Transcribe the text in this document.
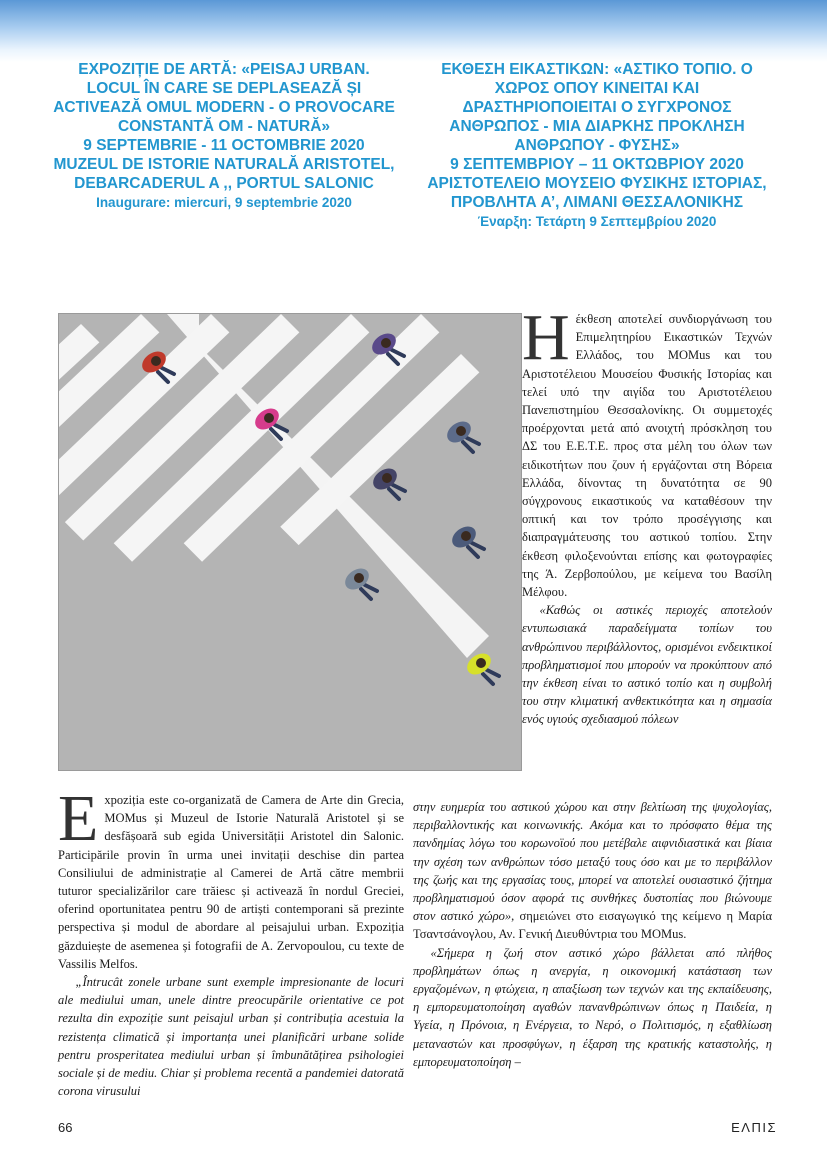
EXPOZIȚIE DE ARTĂ: «PEISAJ URBAN. LOCUL ÎN CARE SE DEPLASEAZĂ ȘI ACTIVEAZĂ OMUL MODERN - O PROVOCARE CONSTANTĂ OM - NATURĂ»
9 SEPTEMBRIE - 11 OCTOMBRIE 2020
MUZEUL DE ISTORIE NATURALĂ ARISTOTEL, DEBARCADERUL A ,, PORTUL SALONIC
Inaugurare: miercuri, 9 septembrie 2020
ΕΚΘΕΣΗ ΕΙΚΑΣΤΙΚΩΝ: «ΑΣΤΙΚΟ ΤΟΠΙΟ. Ο ΧΩΡΟΣ ΟΠΟΥ ΚΙΝΕΙΤΑΙ ΚΑΙ ΔΡΑΣΤΗΡΙΟΠΟΙΕΙΤΑΙ Ο ΣΥΓΧΡΟΝΟΣ ΑΝΘΡΩΠΟΣ - ΜΙΑ ΔΙΑΡΚΗΣ ΠΡΟΚΛΗΣΗ ΑΝΘΡΩΠΟΥ - ΦΥΣΗΣ»
9 ΣΕΠΤΕΜΒΡΙΟΥ – 11 ΟΚΤΩΒΡΙΟΥ 2020
ΑΡΙΣΤΟΤΕΛΕΙΟ ΜΟΥΣΕΙΟ ΦΥΣΙΚΗΣ ΙΣΤΟΡΙΑΣ, ΠΡΟΒΛΗΤΑ Α’, ΛΙΜΑΝΙ ΘΕΣΣΑΛΟΝΙΚΗΣ
Έναρξη: Τετάρτη 9 Σεπτεμβρίου 2020

Ηέκθεση αποτελεί συνδιοργάνωση του Επιμελητηρίου Εικαστικών Τεχνών Ελλάδος, του MOMus και του Αριστοτέλειου Μουσείου Φυσικής Ιστορίας και τελεί υπό την αιγίδα του Αριστοτέλειου Πανεπιστημίου Θεσσαλονίκης. Οι συμμετοχές προέρχονται μετά από ανοιχτή πρόσκληση του ΔΣ του Ε.Ε.Τ.Ε. προς στα μέλη του όλων των ειδικοτήτων που ζουν ή εργάζονται στη Βόρεια Ελλάδα, δίνοντας τη δυνατότητα σε 90 σύγχρονους εικαστικούς να καταθέσουν την οπτική και τον τρόπο προσέγγισης και διαπραγμάτευσης του αστικού τοπίου. Στην έκθεση φιλοξενούνται επίσης και φωτογραφίες της Ά. Ζερβοπούλου, με κείμενα του Βασίλη Μέλφου.

«Καθώς οι αστικές περιοχές αποτελούν εντυπωσιακά παραδείγματα τοπίων του ανθρώπινου περιβάλλοντος, ορισμένοι ενδεικτικοί προβληματισμοί που μπορούν να προκύπτουν από την έκθεση είναι το αστικό τοπίο και η συμβολή του στην κλιματική ανθεκτικότητα και η σημασία ενός υγιούς σχεδιασμού πόλεων

στην ευημερία του αστικού χώρου και στην βελτίωση της ψυχολογίας, περιβαλλοντικής και κοινωνικής. Ακόμα και το πρόσφατο θέμα της πανδημίας λόγω του κορωνοϊού που μετέβαλε αιφνιδιαστικά και βίαια την σχέση των ανθρώπων τόσο μεταξύ τους όσο και με το περιβάλλον της ζωής και της εργασίας τους, μπορεί να αποτελεί ουσιαστικό ζήτημα προβληματισμού όσον αφορά τις συνθήκες δυστοπίας που βιώνουμε στον αστικό χώρο», σημειώνει στο εισαγωγικό της κείμενο η Μαρία Τσαντσάνογλου, Αν. Γενική Διευθύντρια του MOMus.

«Σήμερα η ζωή στον αστικό χώρο βάλλεται από πλήθος προβλημάτων όπως η ανεργία, η οικονομική κατάσταση των εργαζομένων, η φτώχεια, η απαξίωση των τεχνών και της εκπαίδευσης, η εμπορευματοποίηση αγαθών πανανθρώπινων όπως η Παιδεία, η Υγεία, η Πρόνοια, η Ενέργεια, το Νερό, ο Πολιτισμός, η εξαθλίωση μεταναστών και προσφύγων, η έξαρση της κρατικής καταστολής, η εμπορευματοποίηση –

Expoziția este co-organizată de Camera de Arte din Grecia, MOMus și Muzeul de Istorie Naturală Aristotel și se desfășoară sub egida Universității Aristotel din Salonic. Participările provin în urma unei invitații deschise din partea Consiliului de administrație al Camerei de Artă către membrii tuturor specializărilor care trăiesc și activează în nordul Greciei, oferind oportunitatea pentru 90 de artiști contemporani să prezinte perspectiva și modul de abordare al peisajului urban. Expoziția găzduiește de asemenea și fotografii de A. Zervopoulou, cu texte de Vassilis Melfos.

„Întrucât zonele urbane sunt exemple impresionante de locuri ale mediului uman, unele dintre preocupările orientative ce pot rezulta din expoziție sunt peisajul urban și contribuția acestuia la rezistența climatică și importanța unei planificări urbane solide pentru prosperitatea mediului urban și îmbunătățirea psihologiei sociale și de mediu. Chiar și problema recentă a pandemiei datorată corona virusului

66	ΕΛΠΙΣ
